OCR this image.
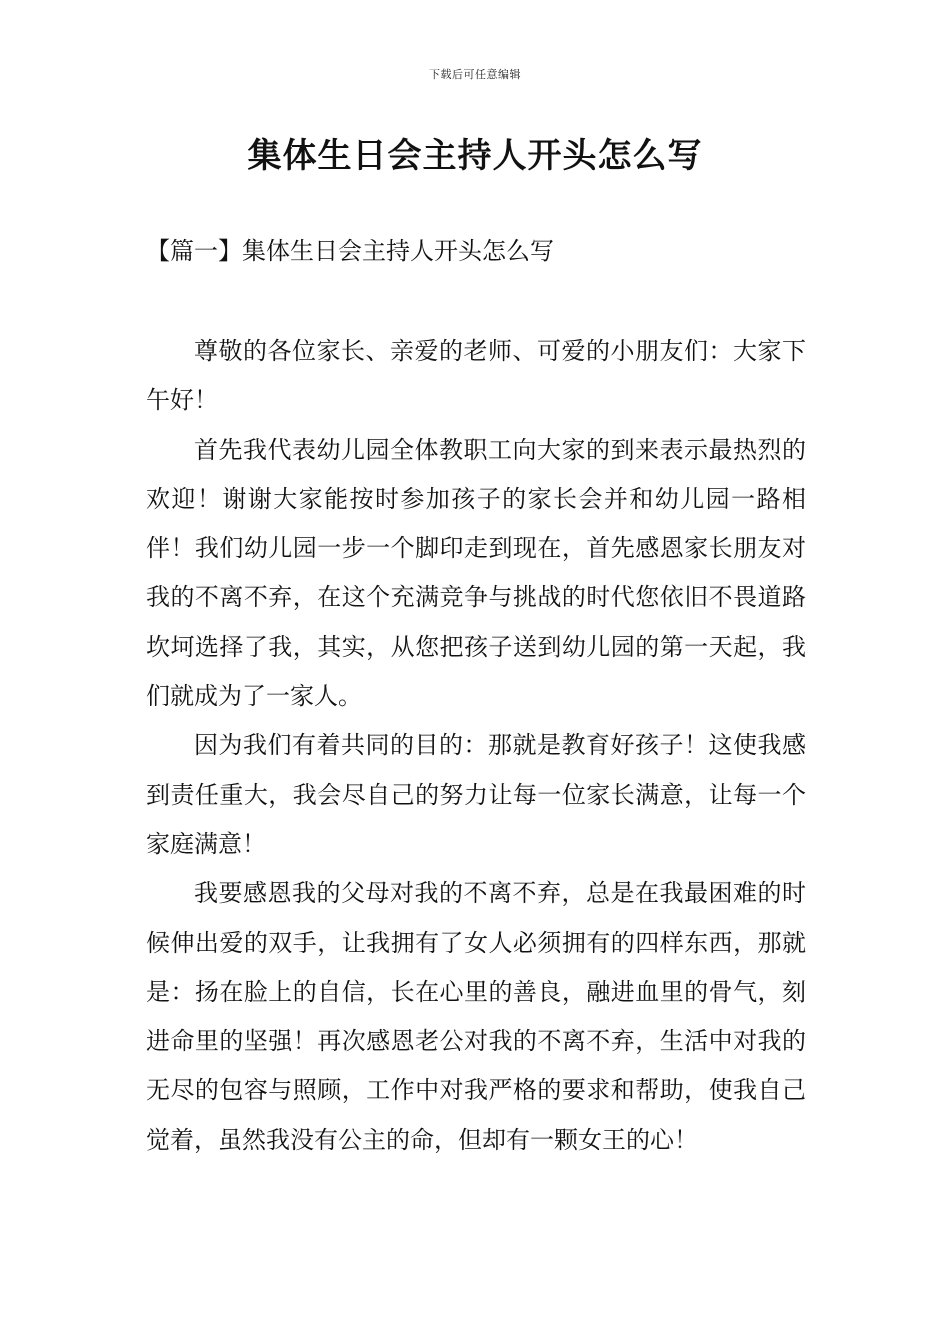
下载后可任意编辑
集体生日会主持人开头怎么写
【篇一】集体生日会主持人开头怎么写

尊敬的各位家长、亲爱的老师、可爱的小朋友们：大家下午好！

首先我代表幼儿园全体教职工向大家的到来表示最热烈的欢迎！谢谢大家能按时参加孩子的家长会并和幼儿园一路相伴！我们幼儿园一步一个脚印走到现在，首先感恩家长朋友对我的不离不弃，在这个充满竞争与挑战的时代您依旧不畏道路坎坷选择了我，其实，从您把孩子送到幼儿园的第一天起，我们就成为了一家人。

因为我们有着共同的目的：那就是教育好孩子！这使我感到责任重大，我会尽自己的努力让每一位家长满意，让每一个家庭满意！

我要感恩我的父母对我的不离不弃，总是在我最困难的时候伸出爱的双手，让我拥有了女人必须拥有的四样东西，那就是：扬在脸上的自信，长在心里的善良，融进血里的骨气，刻进命里的坚强！再次感恩老公对我的不离不弃，生活中对我的无尽的包容与照顾，工作中对我严格的要求和帮助，使我自己觉着，虽然我没有公主的命，但却有一颗女王的心！
